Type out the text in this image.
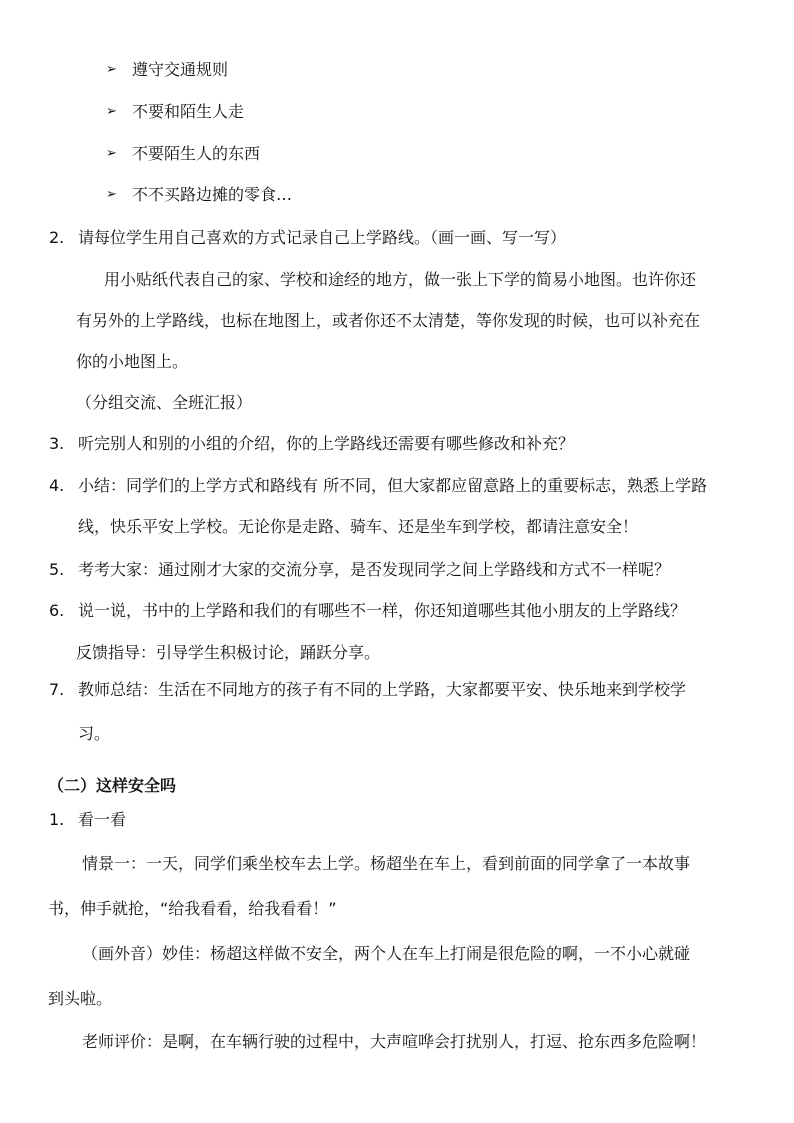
➢ 遵守交通规则
➢ 不要和陌生人走
➢ 不要陌生人的东西
➢ 不不买路边摊的零食…
2. 请每位学生用自己喜欢的方式记录自己上学路线。（画一画、写一写）
用小贴纸代表自己的家、学校和途经的地方，做一张上下学的简易小地图。也许你还
有另外的上学路线，也标在地图上，或者你还不太清楚，等你发现的时候，也可以补充在
你的小地图上。
（分组交流、全班汇报）
3. 听完别人和别的小组的介绍，你的上学路线还需要有哪些修改和补充？
4. 小结：同学们的上学方式和路线有 所不同，但大家都应留意路上的重要标志，熟悉上学路
线，快乐平安上学校。无论你是走路、骑车、还是坐车到学校，都请注意安全！
5. 考考大家：通过刚才大家的交流分享，是否发现同学之间上学路线和方式不一样呢？
6. 说一说，书中的上学路和我们的有哪些不一样，你还知道哪些其他小朋友的上学路线？
反馈指导：引导学生积极讨论，踊跃分享。
7. 教师总结：生活在不同地方的孩子有不同的上学路，大家都要平安、快乐地来到学校学
习。
（二）这样安全吗
1. 看一看
情景一：一天，同学们乘坐校车去上学。杨超坐在车上，看到前面的同学拿了一本故事
书，伸手就抢，“给我看看，给我看看！”
（画外音）妙佳：杨超这样做不安全，两个人在车上打闹是很危险的啊，一不小心就碰
到头啦。
老师评价：是啊，在车辆行驶的过程中，大声喧哗会打扰别人，打逗、抢东西多危险啊！
